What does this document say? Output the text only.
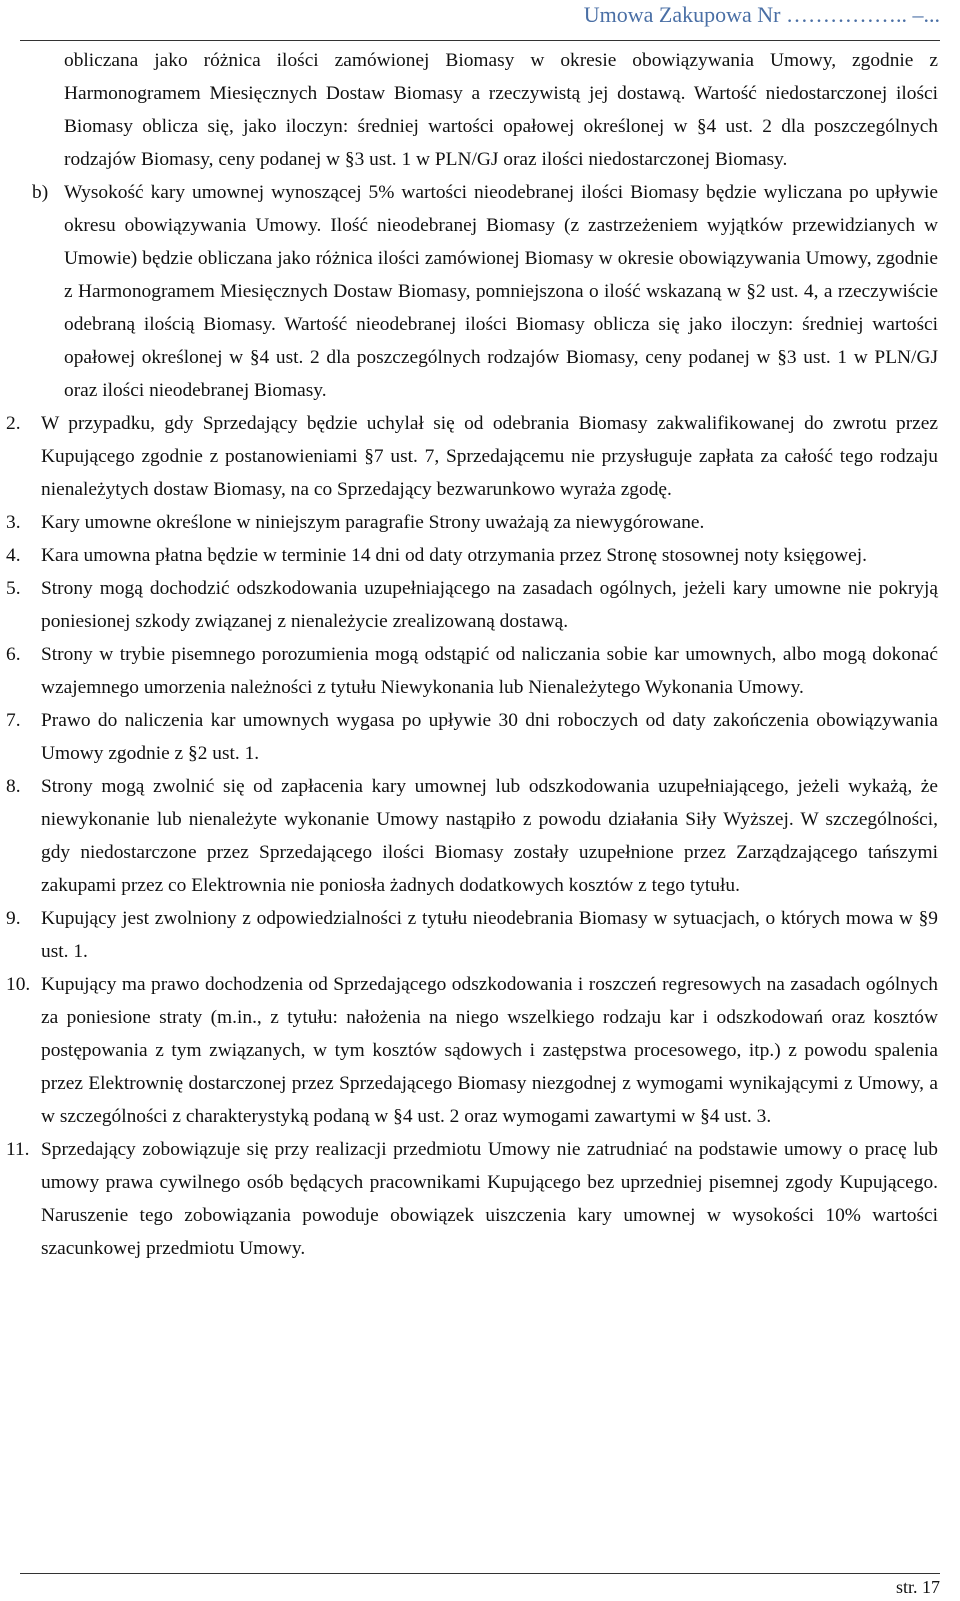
Umowa Zakupowa Nr …………….. –...

obliczana jako różnica ilości zamówionej Biomasy w okresie obowiązywania Umowy, zgodnie z Harmonogramem Miesięcznych Dostaw Biomasy a rzeczywistą jej dostawą. Wartość niedostarczonej ilości Biomasy oblicza się, jako iloczyn: średniej wartości opałowej określonej w §4 ust. 2 dla poszczególnych rodzajów Biomasy, ceny podanej w §3 ust. 1 w PLN/GJ oraz ilości niedostarczonej Biomasy.

b) Wysokość kary umownej wynoszącej 5% wartości nieodebranej ilości Biomasy będzie wyliczana po upływie okresu obowiązywania Umowy. Ilość nieodebranej Biomasy (z zastrzeżeniem wyjątków przewidzianych w Umowie) będzie obliczana jako różnica ilości zamówionej Biomasy w okresie obowiązywania Umowy, zgodnie z Harmonogramem Miesięcznych Dostaw Biomasy, pomniejszona o ilość wskazaną w §2 ust. 4, a rzeczywiście odebraną ilością Biomasy. Wartość nieodebranej ilości Biomasy oblicza się jako iloczyn: średniej wartości opałowej określonej w §4 ust. 2 dla poszczególnych rodzajów Biomasy, ceny podanej w §3 ust. 1 w PLN/GJ oraz ilości nieodebranej Biomasy.
2. W przypadku, gdy Sprzedający będzie uchylał się od odebrania Biomasy zakwalifikowanej do zwrotu przez Kupującego zgodnie z postanowieniami §7 ust. 7, Sprzedającemu nie przysługuje zapłata za całość tego rodzaju nienależytych dostaw Biomasy, na co Sprzedający bezwarunkowo wyraża zgodę.
3. Kary umowne określone w niniejszym paragrafie Strony uważają za niewygórowane.
4. Kara umowna płatna będzie w terminie 14 dni od daty otrzymania przez Stronę stosownej noty księgowej.
5. Strony mogą dochodzić odszkodowania uzupełniającego na zasadach ogólnych, jeżeli kary umowne nie pokryją poniesionej szkody związanej z nienależycie zrealizowaną dostawą.
6. Strony w trybie pisemnego porozumienia mogą odstąpić od naliczania sobie kar umownych, albo mogą dokonać wzajemnego umorzenia należności z tytułu Niewykonania lub Nienależytego Wykonania Umowy.
7. Prawo do naliczenia kar umownych wygasa po upływie 30 dni roboczych od daty zakończenia obowiązywania Umowy zgodnie z §2 ust. 1.
8. Strony mogą zwolnić się od zapłacenia kary umownej lub odszkodowania uzupełniającego, jeżeli wykażą, że niewykonanie lub nienależyte wykonanie Umowy nastąpiło z powodu działania Siły Wyższej. W szczególności, gdy niedostarczone przez Sprzedającego ilości Biomasy zostały uzupełnione przez Zarządzającego tańszymi zakupami przez co Elektrownia nie poniosła żadnych dodatkowych kosztów z tego tytułu.
9. Kupujący jest zwolniony z odpowiedzialności z tytułu nieodebrania Biomasy w sytuacjach, o których mowa w §9 ust. 1.
10. Kupujący ma prawo dochodzenia od Sprzedającego odszkodowania i roszczeń regresowych na zasadach ogólnych za poniesione straty (m.in., z tytułu: nałożenia na niego wszelkiego rodzaju kar i odszkodowań oraz kosztów postępowania z tym związanych, w tym kosztów sądowych i zastępstwa procesowego, itp.) z powodu spalenia przez Elektrownię dostarczonej przez Sprzedającego Biomasy niezgodnej z wymogami wynikającymi z Umowy, a w szczególności z charakterystyką podaną w §4 ust. 2 oraz wymogami zawartymi w §4 ust. 3.
11. Sprzedający zobowiązuje się przy realizacji przedmiotu Umowy nie zatrudniać na podstawie umowy o pracę lub umowy prawa cywilnego osób będących pracownikami Kupującego bez uprzedniej pisemnej zgody Kupującego. Naruszenie tego zobowiązania powoduje obowiązek uiszczenia kary umownej w wysokości 10% wartości szacunkowej przedmiotu Umowy.
str. 17
